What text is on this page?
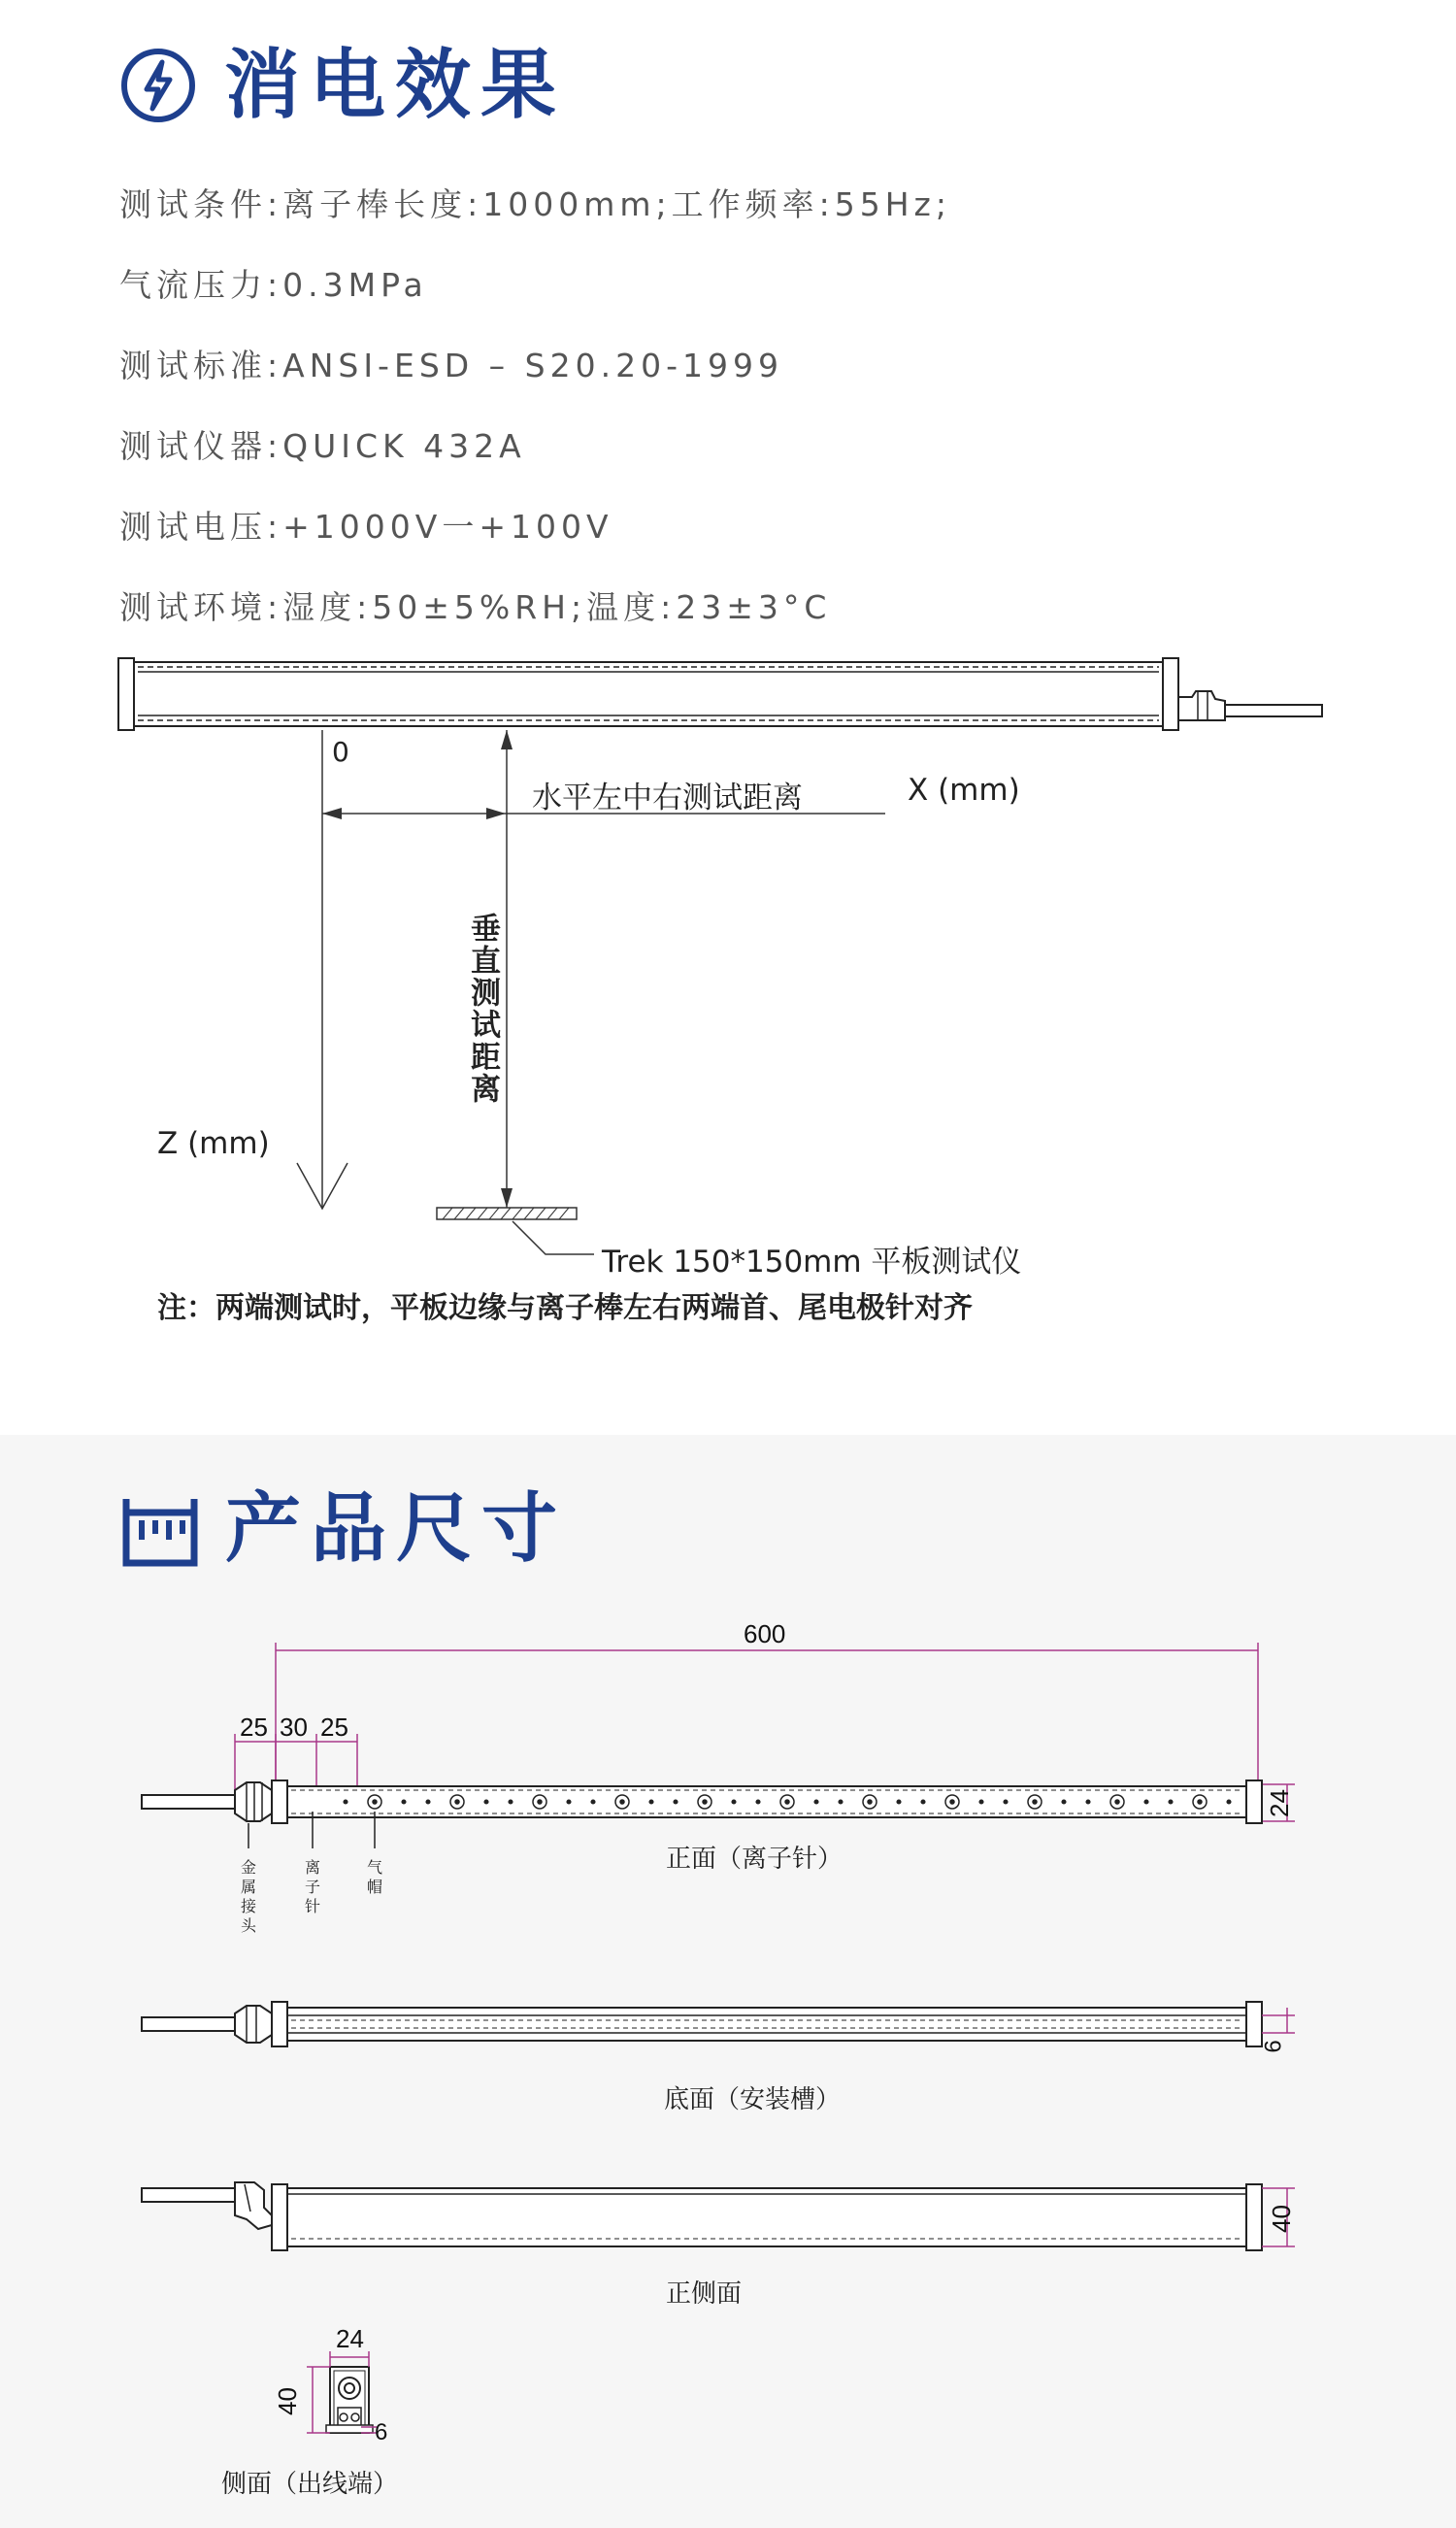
消电效果
测试条件:离子棒长度:1000mm;工作频率:55Hz;
气流压力:0.3MPa
测试标准:ANSI-ESD – S20.20-1999
测试仪器:QUICK 432A
测试电压:+1000V一+100V
测试环境:湿度:50±5%RH;温度:23±3°C
0
水平左中右测试距离	X (mm)
垂直测试距离
Z (mm)
Trek 150*150mm 平板测试仪
注：两端测试时，平板边缘与离子棒左右两端首、尾电极针对齐
产品尺寸
600
25 30 25
24
金
属
接
头
离
子
针
气
帽
正面（离子针）
6
底面（安装槽）
40
正侧面
24
40
6
侧面（出线端）
